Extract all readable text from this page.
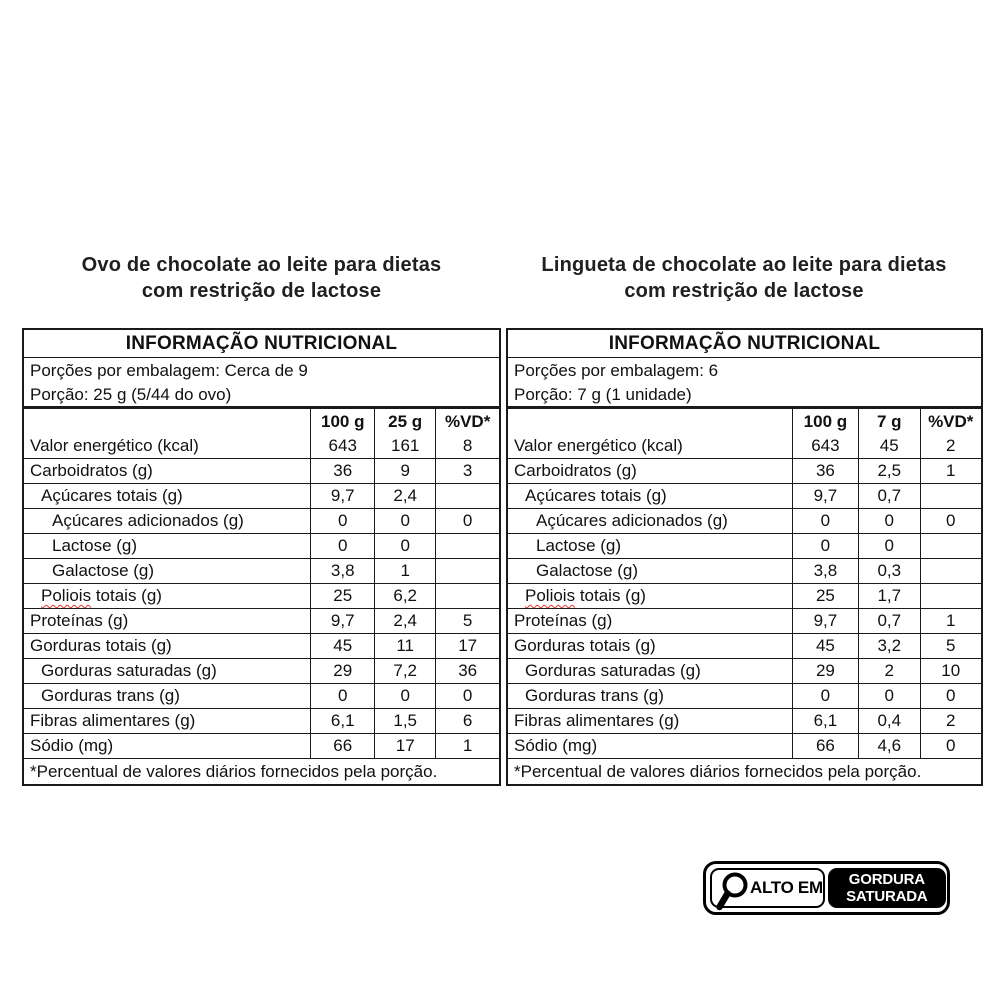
Ovo de chocolate ao leite para dietas
com restrição de lactose
Lingueta de chocolate ao leite para dietas
com restrição de lactose
INFORMAÇÃO NUTRICIONAL
Porções por embalagem: Cerca de 9
Porção: 25 g (5/44 do ovo)
100 g	25 g	%VD*
Valor energético (kcal)	643	161	8
Carboidratos (g)	36	9	3
Açúcares totais (g)	9,7	2,4
Açúcares adicionados (g)	0	0	0
Lactose (g)	0	0
Galactose (g)	3,8	1
Poliois totais (g)	25	6,2
Proteínas (g)	9,7	2,4	5
Gorduras totais (g)	45	11	17
Gorduras saturadas (g)	29	7,2	36
Gorduras trans (g)	0	0	0
Fibras alimentares (g)	6,1	1,5	6
Sódio (mg)	66	17	1
*Percentual de valores diários fornecidos pela porção.
INFORMAÇÃO NUTRICIONAL
Porções por embalagem: 6
Porção: 7 g (1 unidade)
100 g	7 g	%VD*
Valor energético (kcal)	643	45	2
Carboidratos (g)	36	2,5	1
Açúcares totais (g)	9,7	0,7
Açúcares adicionados (g)	0	0	0
Lactose (g)	0	0
Galactose (g)	3,8	0,3
Poliois totais (g)	25	1,7
Proteínas (g)	9,7	0,7	1
Gorduras totais (g)	45	3,2	5
Gorduras saturadas (g)	29	2	10
Gorduras trans (g)	0	0	0
Fibras alimentares (g)	6,1	0,4	2
Sódio (mg)	66	4,6	0
*Percentual de valores diários fornecidos pela porção.
ALTO EM	GORDURA
SATURADA
